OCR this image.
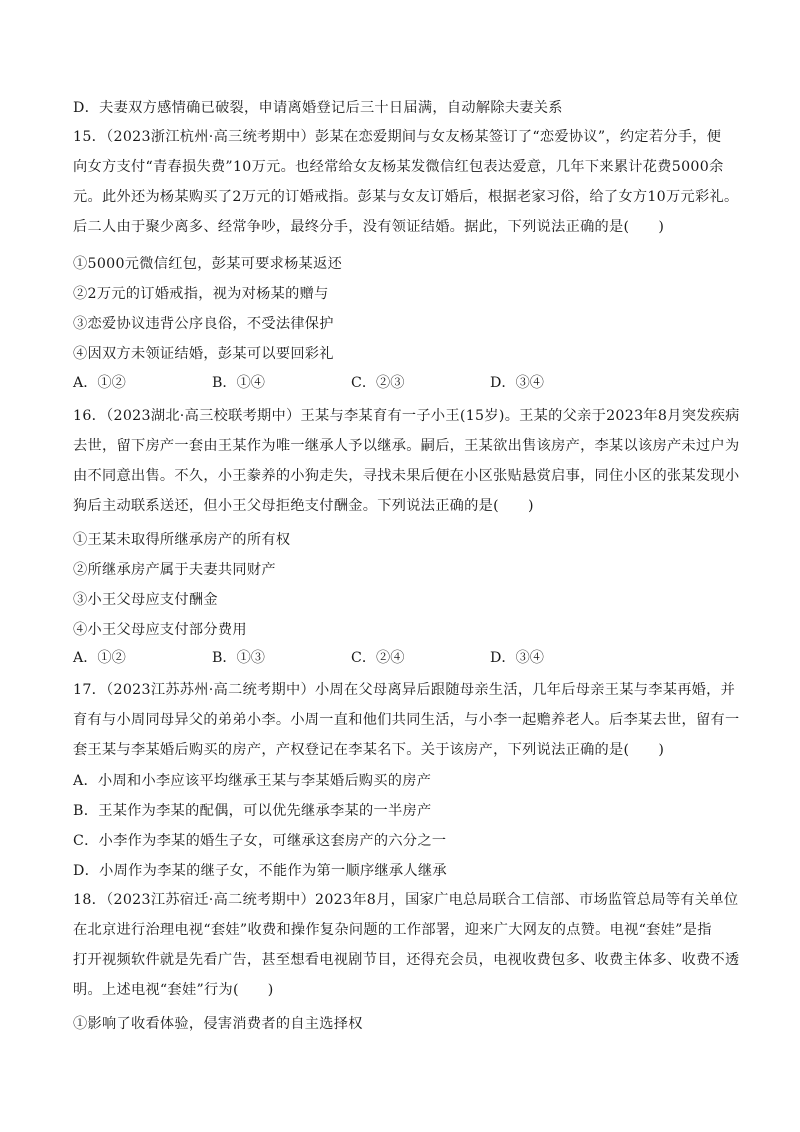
D．夫妻双方感情确已破裂，申请离婚登记后三十日届满，自动解除夫妻关系
15．（2023浙江杭州·高三统考期中）彭某在恋爱期间与女友杨某签订了“恋爱协议”，约定若分手，便
向女方支付“青春损失费”10万元。也经常给女友杨某发微信红包表达爱意，几年下来累计花费5000余
元。此外还为杨某购买了2万元的订婚戒指。彭某与女友订婚后，根据老家习俗，给了女方10万元彩礼。
后二人由于聚少离多、经常争吵，最终分手，没有领证结婚。据此，下列说法正确的是(　　)
①5000元微信红包，彭某可要求杨某返还
②2万元的订婚戒指，视为对杨某的赠与
③恋爱协议违背公序良俗，不受法律保护
④因双方未领证结婚，彭某可以要回彩礼
A．①②	B．①④	C．②③	D．③④
16．（2023湖北·高三校联考期中）王某与李某育有一子小王(15岁)。王某的父亲于2023年8月突发疾病
去世，留下房产一套由王某作为唯一继承人予以继承。嗣后，王某欲出售该房产，李某以该房产未过户为
由不同意出售。不久，小王豢养的小狗走失，寻找未果后便在小区张贴悬赏启事，同住小区的张某发现小
狗后主动联系送还，但小王父母拒绝支付酬金。下列说法正确的是(　　)
①王某未取得所继承房产的所有权
②所继承房产属于夫妻共同财产
③小王父母应支付酬金
④小王父母应支付部分费用
A．①②	B．①③	C．②④	D．③④
17．（2023江苏苏州·高二统考期中）小周在父母离异后跟随母亲生活，几年后母亲王某与李某再婚，并
育有与小周同母异父的弟弟小李。小周一直和他们共同生活，与小李一起赡养老人。后李某去世，留有一
套王某与李某婚后购买的房产，产权登记在李某名下。关于该房产，下列说法正确的是(　　)
A．小周和小李应该平均继承王某与李某婚后购买的房产
B．王某作为李某的配偶，可以优先继承李某的一半房产
C．小李作为李某的婚生子女，可继承这套房产的六分之一
D．小周作为李某的继子女，不能作为第一顺序继承人继承
18．（2023江苏宿迁·高二统考期中）2023年8月，国家广电总局联合工信部、市场监管总局等有关单位
在北京进行治理电视“套娃”收费和操作复杂问题的工作部署，迎来广大网友的点赞。电视“套娃”是指
打开视频软件就是先看广告，甚至想看电视剧节目，还得充会员，电视收费包多、收费主体多、收费不透
明。上述电视“套娃”行为(　　)
①影响了收看体验，侵害消费者的自主选择权
